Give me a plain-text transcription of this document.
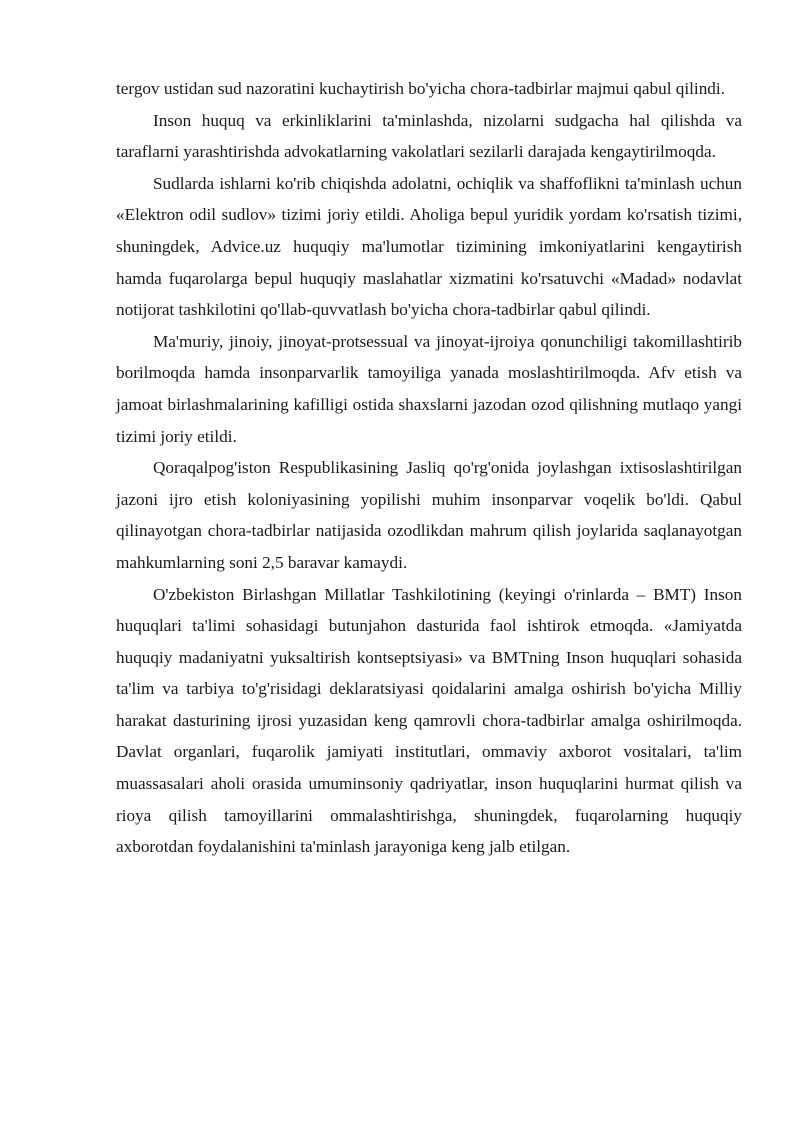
tergov ustidan sud nazoratini kuchaytirish bo'yicha chora-tadbirlar majmui qabul qilindi.

Inson huquq va erkinliklarini ta'minlashda, nizolarni sudgacha hal qilishda va taraflarni yarashtirishda advokatlarning vakolatlari sezilarli darajada kengaytirilmoqda.

Sudlarda ishlarni ko'rib chiqishda adolatni, ochiqlik va shaffoflikni ta'minlash uchun «Elektron odil sudlov» tizimi joriy etildi. Aholiga bepul yuridik yordam ko'rsatish tizimi, shuningdek, Advice.uz huquqiy ma'lumotlar tizimining imkoniyatlarini kengaytirish hamda fuqarolarga bepul huquqiy maslahatlar xizmatini ko'rsatuvchi «Madad» nodavlat notijorat tashkilotini qo'llab-quvvatlash bo'yicha chora-tadbirlar qabul qilindi.

Ma'muriy, jinoiy, jinoyat-protsessual va jinoyat-ijroiya qonunchiligi takomillashtirib borilmoqda hamda insonparvarlik tamoyiliga yanada moslashtirilmoqda. Afv etish va jamoat birlashmalarining kafilligi ostida shaxslarni jazodan ozod qilishning mutlaqo yangi tizimi joriy etildi.

Qoraqalpog'iston Respublikasining Jasliq qo'rg'onida joylashgan ixtisoslashtirilgan jazoni ijro etish koloniyasining yopilishi muhim insonparvar voqelik bo'ldi. Qabul qilinayotgan chora-tadbirlar natijasida ozodlikdan mahrum qilish joylarida saqlanayotgan mahkumlarning soni 2,5 baravar kamaydi.

O'zbekiston Birlashgan Millatlar Tashkilotining (keyingi o'rinlarda – BMT) Inson huquqlari ta'limi sohasidagi butunjahon dasturida faol ishtirok etmoqda. «Jamiyatda huquqiy madaniyatni yuksaltirish kontseptsiyasi» va BMTning Inson huquqlari sohasida ta'lim va tarbiya to'g'risidagi deklaratsiyasi qoidalarini amalga oshirish bo'yicha Milliy harakat dasturining ijrosi yuzasidan keng qamrovli chora-tadbirlar amalga oshirilmoqda. Davlat organlari, fuqarolik jamiyati institutlari, ommaviy axborot vositalari, ta'lim muassasalari aholi orasida umuminsoniy qadriyatlar, inson huquqlarini hurmat qilish va rioya qilish tamoyillarini ommalashtirishga, shuningdek, fuqarolarning huquqiy axborotdan foydalanishini ta'minlash jarayoniga keng jalb etilgan.
